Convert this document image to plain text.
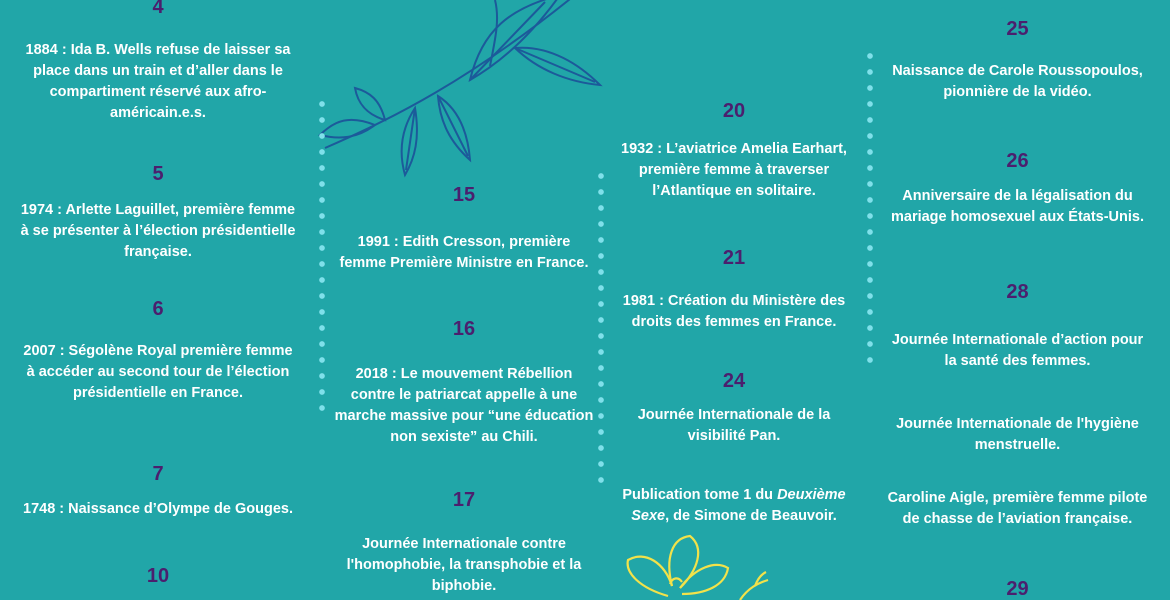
4
1884 : Ida B. Wells refuse de laisser sa place dans un train et d’aller dans le compartiment réservé aux afro-américain.e.s.
5
1974 : Arlette Laguillet, première femme à se présenter à l’élection présidentielle française.
6
2007 : Ségolène Royal première femme à accéder au second tour de l’élection présidentielle en France.
7
1748 : Naissance d’Olympe de Gouges.
10
15
1991 : Edith Cresson, première femme Première Ministre en France.
16
2018 : Le mouvement Rébellion contre le patriarcat appelle à une marche massive pour “une éducation non sexiste” au Chili.
17
Journée Internationale contre l'homophobie, la transphobie et la biphobie.
20
1932 : L’aviatrice Amelia Earhart, première femme à traverser l’Atlantique en solitaire.
21
1981 : Création du Ministère des droits des femmes en France.
24
Journée Internationale de la visibilité Pan.
Publication tome 1 du Deuxième Sexe, de Simone de Beauvoir.
25
Naissance de Carole Roussopoulos, pionnière de la vidéo.
26
Anniversaire de la légalisation du mariage homosexuel aux États-Unis.
28
Journée Internationale d’action pour la santé des femmes.
Journée Internationale de l'hygiène menstruelle.
Caroline Aigle, première femme pilote de chasse de l’aviation française.
29
